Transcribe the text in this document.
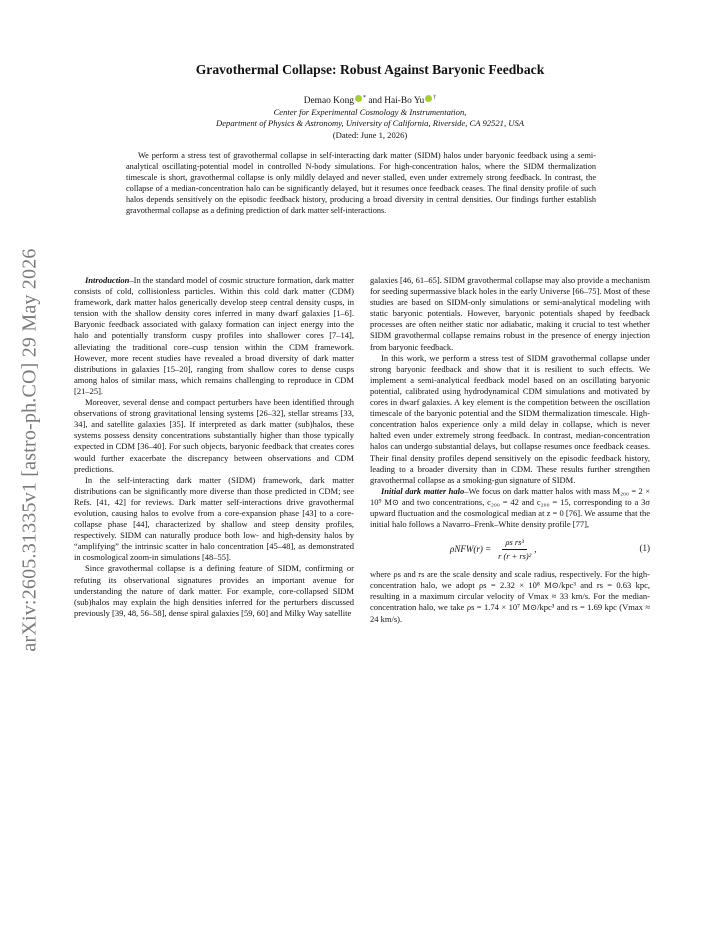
arXiv:2605.31335v1 [astro-ph.CO] 29 May 2026
Gravothermal Collapse: Robust Against Baryonic Feedback
Demao Kong * and Hai-Bo Yu †
Center for Experimental Cosmology & Instrumentation,
Department of Physics & Astronomy, University of California, Riverside, CA 92521, USA
(Dated: June 1, 2026)
We perform a stress test of gravothermal collapse in self-interacting dark matter (SIDM) halos under baryonic feedback using a semi-analytical oscillating-potential model in controlled N-body simulations. For high-concentration halos, where the SIDM thermalization timescale is short, gravothermal collapse is only mildly delayed and never stalled, even under extremely strong feedback. In contrast, the collapse of a median-concentration halo can be significantly delayed, but it resumes once feedback ceases. The final density profile of such halos depends sensitively on the episodic feedback history, producing a broad diversity in central densities. Our findings further establish gravothermal collapse as a defining prediction of dark matter self-interactions.

Introduction–In the standard model of cosmic structure formation, dark matter consists of cold, collisionless particles. Within this cold dark matter (CDM) framework, dark matter halos generically develop steep central density cusps, in tension with the shallow density cores inferred in many dwarf galaxies [1–6]. Baryonic feedback associated with galaxy formation can inject energy into the halo and potentially transform cuspy profiles into shallower cores [7–14], alleviating the traditional core–cusp tension within the CDM framework. However, more recent studies have revealed a broad diversity of dark matter distributions in galaxies [15–20], ranging from shallow cores to dense cusps among halos of similar mass, which remains challenging to reproduce in CDM [21–25].

Moreover, several dense and compact perturbers have been identified through observations of strong gravitational lensing systems [26–32], stellar streams [33, 34], and satellite galaxies [35]. If interpreted as dark matter (sub)halos, these systems possess density concentrations substantially higher than those typically expected in CDM [36–40]. For such objects, baryonic feedback that creates cores would further exacerbate the discrepancy between observations and CDM predictions.

In the self-interacting dark matter (SIDM) framework, dark matter distributions can be significantly more diverse than those predicted in CDM; see Refs. [41, 42] for reviews. Dark matter self-interactions drive gravothermal evolution, causing halos to evolve from a core-expansion phase [43] to a core-collapse phase [44], characterized by shallow and steep density profiles, respectively. SIDM can naturally produce both low- and high-density halos by “amplifying” the intrinsic scatter in halo concentration [45–48], as demonstrated in cosmological zoom-in simulations [48–55].

Since gravothermal collapse is a defining feature of SIDM, confirming or refuting its observational signatures provides an important avenue for understanding the nature of dark matter. For example, core-collapsed SIDM (sub)halos may explain the high densities inferred for the perturbers discussed previously [39, 48, 56–58], dense spiral galaxies [59, 60] and Milky Way satellite

galaxies [46, 61–65]. SIDM gravothermal collapse may also provide a mechanism for seeding supermassive black holes in the early Universe [66–75]. Most of these studies are based on SIDM-only simulations or semi-analytical modeling with static baryonic potentials. However, baryonic potentials shaped by feedback processes are often neither static nor adiabatic, making it crucial to test whether SIDM gravothermal collapse remains robust in the presence of energy injection from baryonic feedback.

In this work, we perform a stress test of SIDM gravothermal collapse under strong baryonic feedback and show that it is resilient to such effects. We implement a semi-analytical feedback model based on an oscillating baryonic potential, calibrated using hydrodynamical CDM simulations and motivated by cores in dwarf galaxies. A key element is the competition between the oscillation timescale of the baryonic potential and the SIDM thermalization timescale. High-concentration halos experience only a mild delay in collapse, which is never halted even under extremely strong feedback. In contrast, median-concentration halos can undergo substantial delays, but collapse resumes once feedback ceases. Their final density profiles depend sensitively on the episodic feedback history, leading to a broader diversity than in CDM. These results further strengthen gravothermal collapse as a smoking-gun signature of SIDM.

Initial dark matter halo–We focus on dark matter halos with mass M₂₀₀ = 2 × 10⁹ M⊙ and two concentrations, c₂₀₀ = 42 and c₂₀₀ = 15, corresponding to a 3σ upward fluctuation and the cosmological median at z = 0 [76]. We assume that the initial halo follows a Navarro–Frenk–White density profile [77],

$\rho NFW(r) = \frac{\text{ρs rs³}}{\text{r (r + rs)²}}$ ,	(1)

where ρs and rs are the scale density and scale radius, respectively. For the high-concentration halo, we adopt ρs = 2.32 × 10⁸ M⊙/kpc³ and rs = 0.63 kpc, resulting in a maximum circular velocity of Vmax ≈ 33 km/s. For the median-concentration halo, we take ρs = 1.74 × 10⁷ M⊙/kpc³ and rs = 1.69 kpc (Vmax ≈ 24 km/s).
